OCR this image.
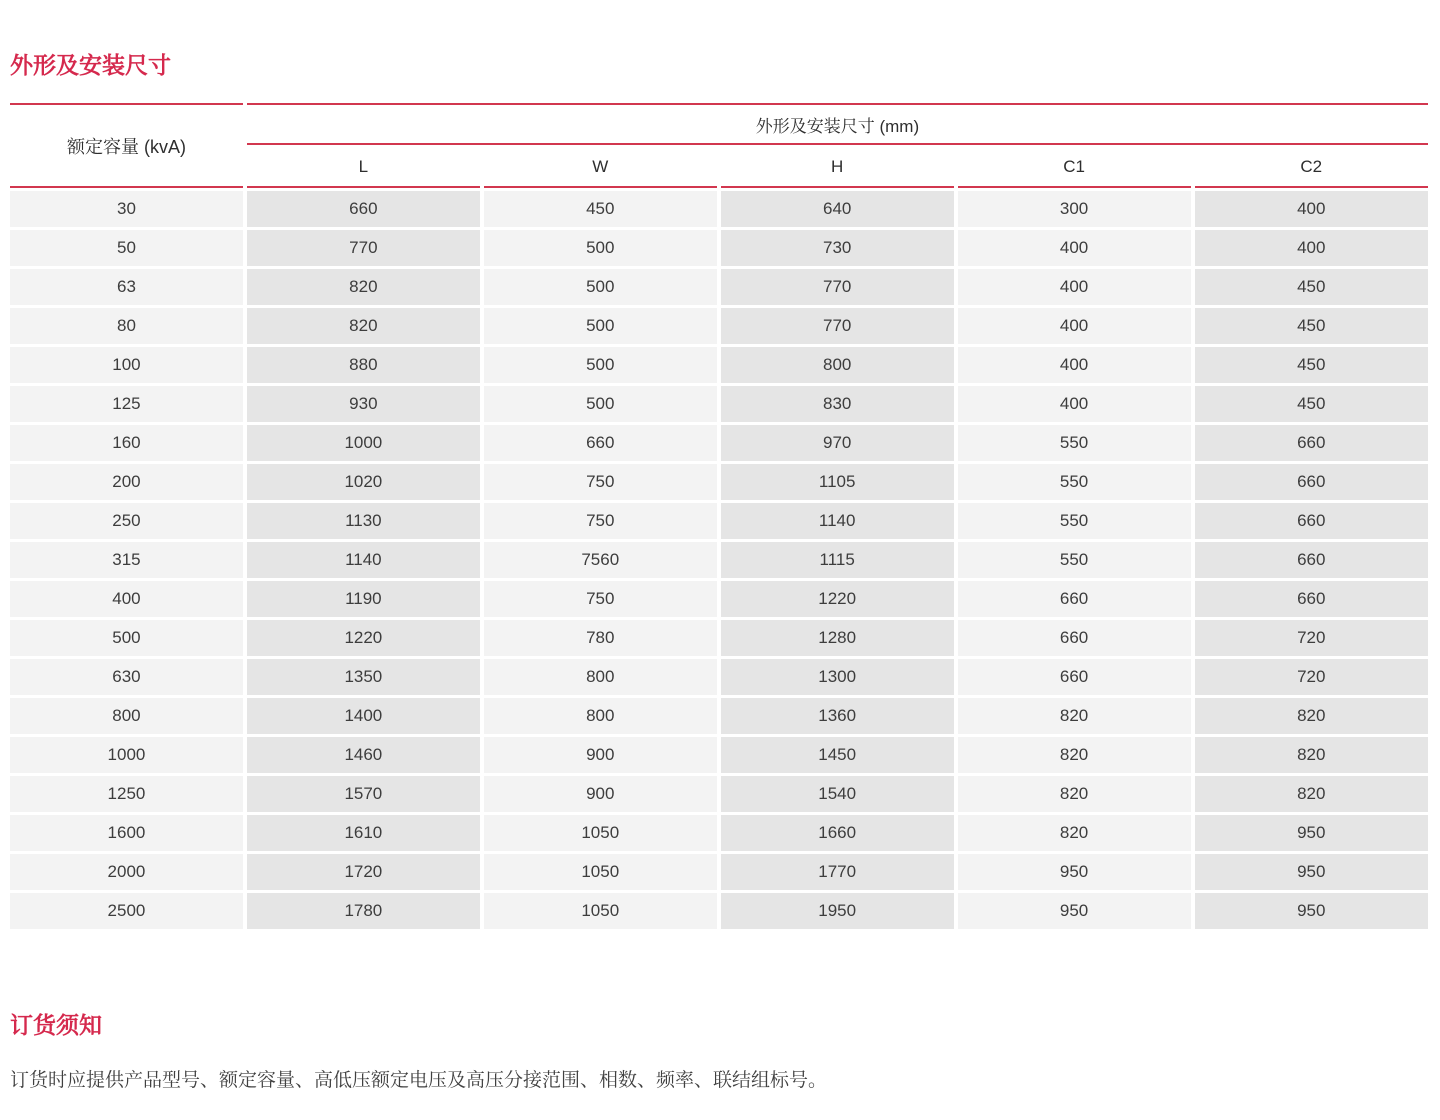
外形及安装尺寸
额定容量 (kvA)	外形及安装尺寸 (mm)				
	L	W	H	C1	C2
30	660	450	640	300	400
50	770	500	730	400	400
63	820	500	770	400	450
80	820	500	770	400	450
100	880	500	800	400	450
125	930	500	830	400	450
160	1000	660	970	550	660
200	1020	750	1105	550	660
250	1130	750	1140	550	660
315	1140	7560	1115	550	660
400	1190	750	1220	660	660
500	1220	780	1280	660	720
630	1350	800	1300	660	720
800	1400	800	1360	820	820
1000	1460	900	1450	820	820
1250	1570	900	1540	820	820
1600	1610	1050	1660	820	950
2000	1720	1050	1770	950	950
2500	1780	1050	1950	950	950
订货须知

订货时应提供产品型号、额定容量、高低压额定电压及高压分接范围、相数、频率、联结组标号。
